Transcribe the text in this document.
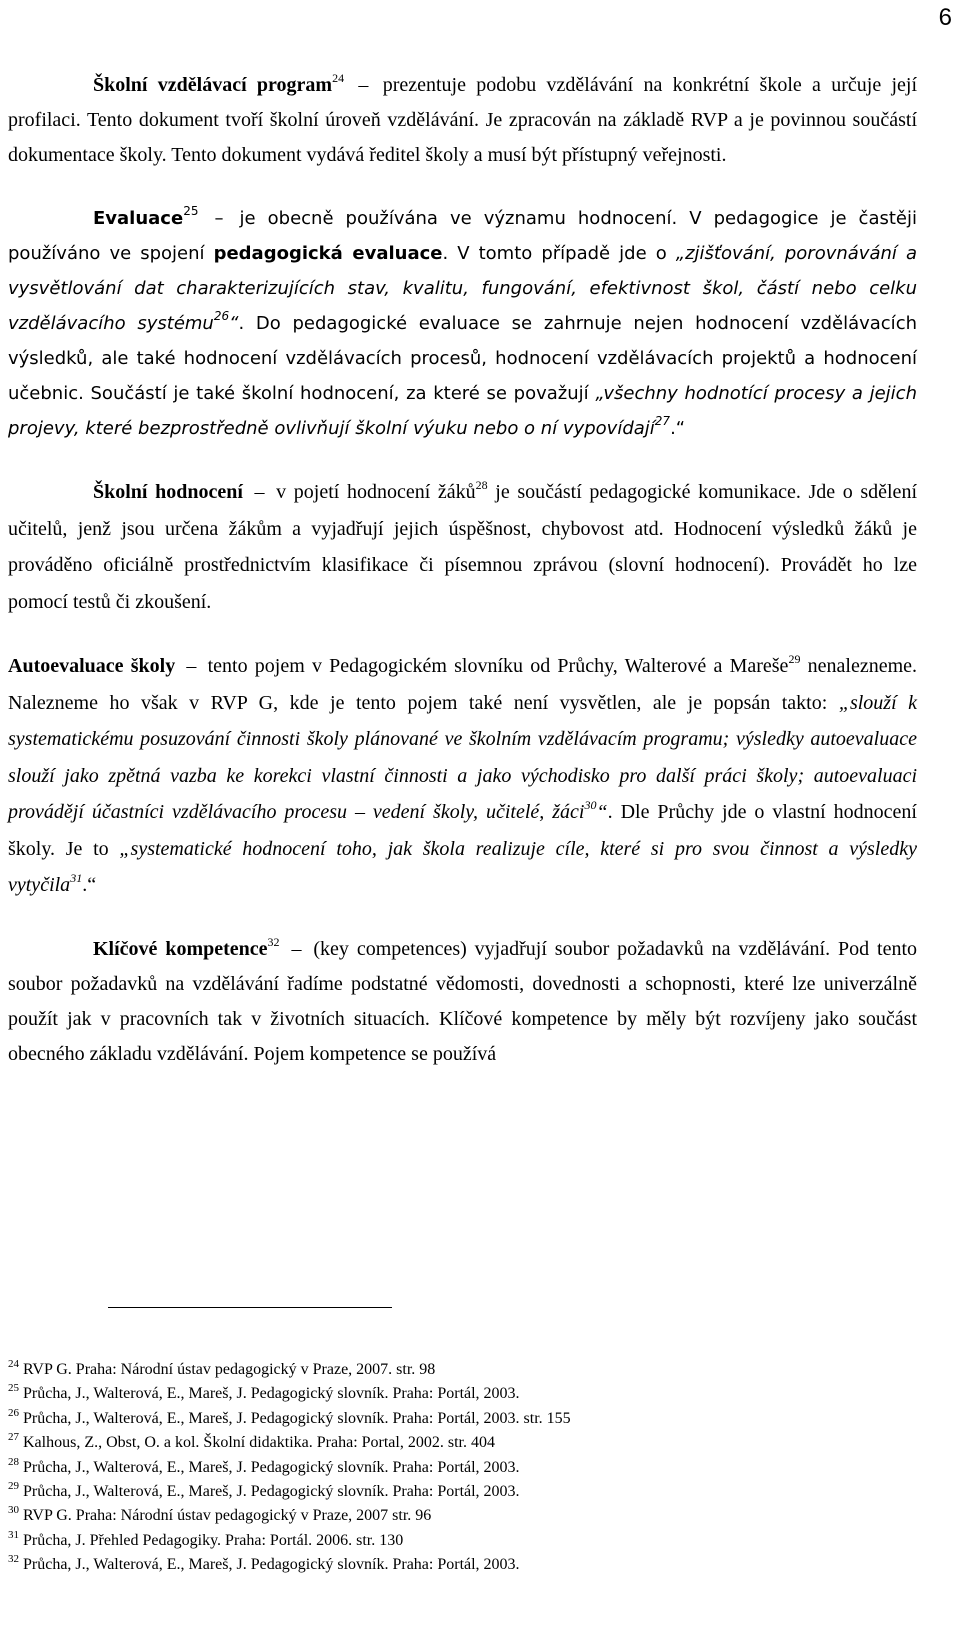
6

Školní vzdělávací program$^{24}$ – prezentuje podobu vzdělávání na konkrétní škole a určuje její profilaci. Tento dokument tvoří školní úroveň vzdělávání. Je zpracován na základě RVP a je povinnou součástí dokumentace školy. Tento dokument vydává ředitel školy a musí být přístupný veřejnosti.

Evaluace$^{25}$ – je obecně používána ve významu hodnocení. V pedagogice je častěji používáno ve spojení pedagogická evaluace. V tomto případě jde o „zjišťování, porovnávání a vysvětlování dat charakterizujících stav, kvalitu, fungování, efektivnost škol, částí nebo celku vzdělávacího systému$^{26}$“. Do pedagogické evaluace se zahrnuje nejen hodnocení vzdělávacích výsledků, ale také hodnocení vzdělávacích procesů, hodnocení vzdělávacích projektů a hodnocení učebnic. Součástí je také školní hodnocení, za které se považují „všechny hodnotící procesy a jejich projevy, které bezprostředně ovlivňují školní výuku nebo o ní vypovídají$^{27}$.“

Školní hodnocení – v pojetí hodnocení žáků$^{28}$ je součástí pedagogické komunikace. Jde o sdělení učitelů, jenž jsou určena žákům a vyjadřují jejich úspěšnost, chybovost atd. Hodnocení výsledků žáků je prováděno oficiálně prostřednictvím klasifikace či písemnou zprávou (slovní hodnocení). Provádět ho lze pomocí testů či zkoušení.

Autoevaluace školy – tento pojem v Pedagogickém slovníku od Průchy, Walterové a Mareše$^{29}$ nenalezneme. Nalezneme ho však v RVP G, kde je tento pojem také není vysvětlen, ale je popsán takto: „slouží k systematickému posuzování činnosti školy plánované ve školním vzdělávacím programu; výsledky autoevaluace slouží jako zpětná vazba ke korekci vlastní činnosti a jako východisko pro další práci školy; autoevaluaci provádějí účastníci vzdělávacího procesu – vedení školy, učitelé, žáci$^{30}$“. Dle Průchy jde o vlastní hodnocení školy. Je to „systematické hodnocení toho, jak škola realizuje cíle, které si pro svou činnost a výsledky vytyčila$^{31}$.“

Klíčové kompetence$^{32}$ – (key competences) vyjadřují soubor požadavků na vzdělávání. Pod tento soubor požadavků na vzdělávání řadíme podstatné vědomosti, dovednosti a schopnosti, které lze univerzálně použít jak v pracovních tak v životních situacích. Klíčové kompetence by měly být rozvíjeny jako součást obecného základu vzdělávání. Pojem kompetence se používá

$^{24}$ RVP G. Praha: Národní ústav pedagogický v Praze, 2007. str. 98
$^{25}$ Průcha, J., Walterová, E., Mareš, J. Pedagogický slovník. Praha: Portál, 2003.
$^{26}$ Průcha, J., Walterová, E., Mareš, J. Pedagogický slovník. Praha: Portál, 2003. str. 155
$^{27}$ Kalhous, Z., Obst, O. a kol. Školní didaktika. Praha: Portal, 2002. str. 404
$^{28}$ Průcha, J., Walterová, E., Mareš, J. Pedagogický slovník. Praha: Portál, 2003.
$^{29}$ Průcha, J., Walterová, E., Mareš, J. Pedagogický slovník. Praha: Portál, 2003.
$^{30}$ RVP G. Praha: Národní ústav pedagogický v Praze, 2007 str. 96
$^{31}$ Průcha, J. Přehled Pedagogiky. Praha: Portál. 2006. str. 130
$^{32}$ Průcha, J., Walterová, E., Mareš, J. Pedagogický slovník. Praha: Portál, 2003.
